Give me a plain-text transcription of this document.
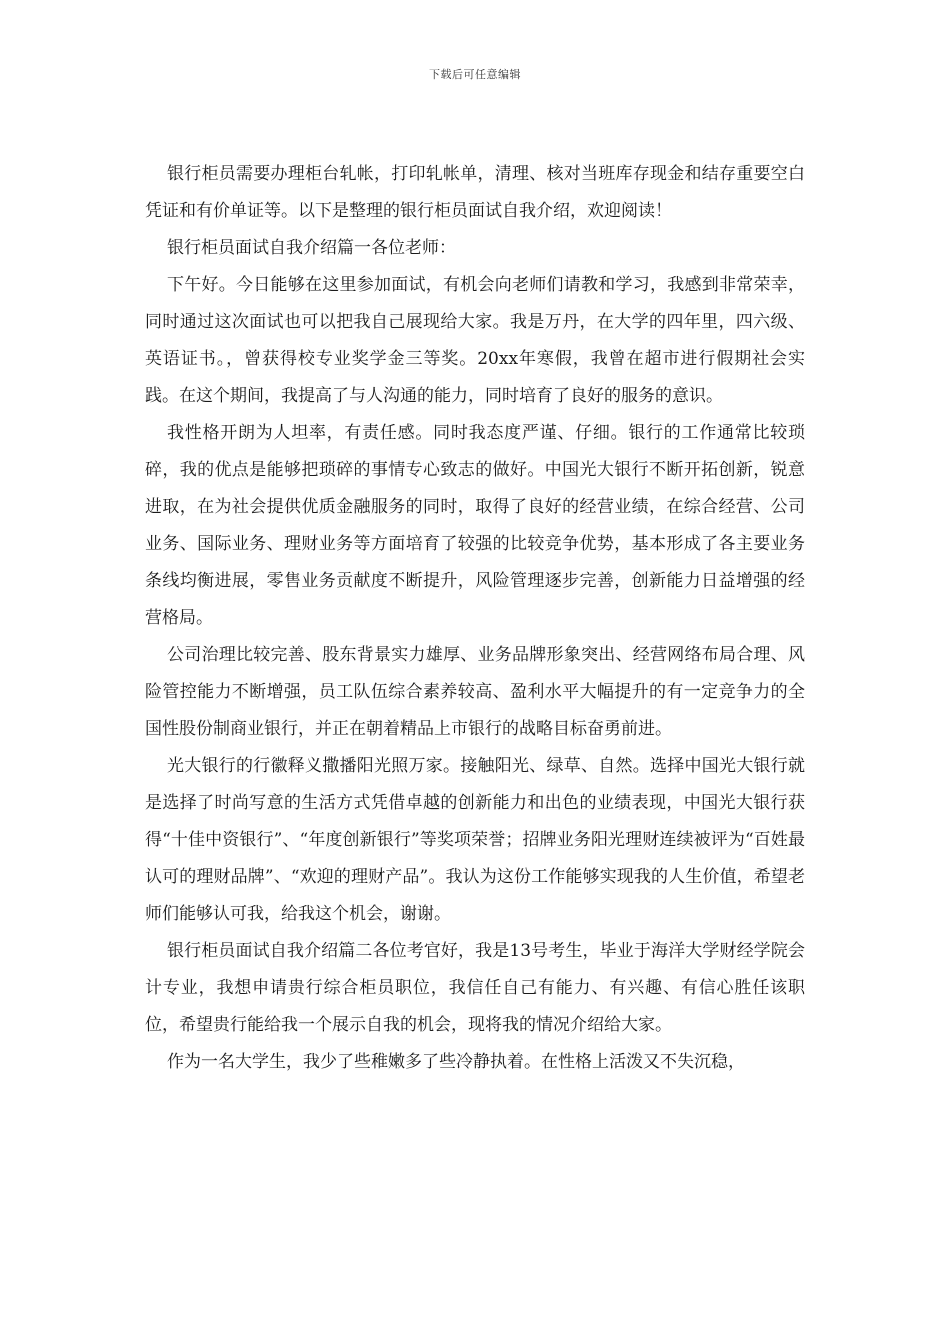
下载后可任意编辑

银行柜员需要办理柜台轧帐，打印轧帐单，清理、核对当班库存现金和结存重要空白凭证和有价单证等。以下是整理的银行柜员面试自我介绍，欢迎阅读！

银行柜员面试自我介绍篇一各位老师：

下午好。今日能够在这里参加面试，有机会向老师们请教和学习，我感到非常荣幸，同时通过这次面试也可以把我自己展现给大家。我是万丹，在大学的四年里，四六级、英语证书。，曾获得校专业奖学金三等奖。20xx年寒假，我曾在超市进行假期社会实践。在这个期间，我提高了与人沟通的能力，同时培育了良好的服务的意识。

我性格开朗为人坦率，有责任感。同时我态度严谨、仔细。银行的工作通常比较琐碎，我的优点是能够把琐碎的事情专心致志的做好。中国光大银行不断开拓创新，锐意进取，在为社会提供优质金融服务的同时，取得了良好的经营业绩，在综合经营、公司业务、国际业务、理财业务等方面培育了较强的比较竞争优势，基本形成了各主要业务条线均衡进展，零售业务贡献度不断提升，风险管理逐步完善，创新能力日益增强的经营格局。

公司治理比较完善、股东背景实力雄厚、业务品牌形象突出、经营网络布局合理、风险管控能力不断增强，员工队伍综合素养较高、盈利水平大幅提升的有一定竞争力的全国性股份制商业银行，并正在朝着精品上市银行的战略目标奋勇前进。

光大银行的行徽释义撒播阳光照万家。接触阳光、绿草、自然。选择中国光大银行就是选择了时尚写意的生活方式凭借卓越的创新能力和出色的业绩表现，中国光大银行获得“十佳中资银行”、“年度创新银行”等奖项荣誉；招牌业务阳光理财连续被评为“百姓最认可的理财品牌”、“欢迎的理财产品”。我认为这份工作能够实现我的人生价值，希望老师们能够认可我，给我这个机会，谢谢。

银行柜员面试自我介绍篇二各位考官好，我是13号考生，毕业于海洋大学财经学院会计专业，我想申请贵行综合柜员职位，我信任自己有能力、有兴趣、有信心胜任该职位，希望贵行能给我一个展示自我的机会，现将我的情况介绍给大家。

作为一名大学生，我少了些稚嫩多了些冷静执着。在性格上活泼又不失沉稳，
